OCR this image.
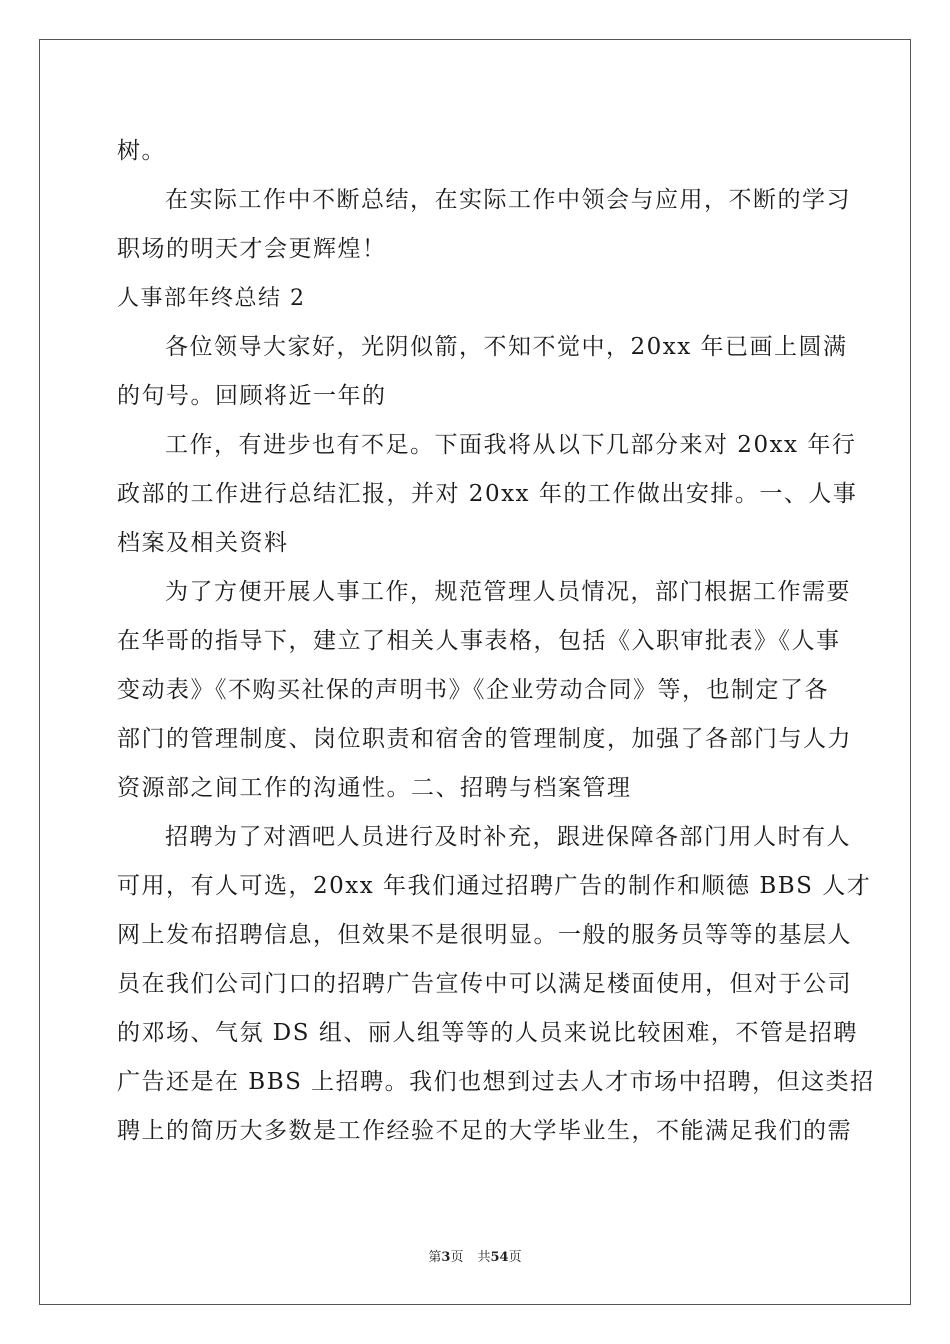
树。
在实际工作中不断总结，在实际工作中领会与应用，不断的学习
职场的明天才会更辉煌！
人事部年终总结 2
各位领导大家好，光阴似箭，不知不觉中，20xx 年已画上圆满
的句号。回顾将近一年的
工作，有进步也有不足。下面我将从以下几部分来对 20xx 年行
政部的工作进行总结汇报，并对 20xx 年的工作做出安排。一、人事
档案及相关资料
为了方便开展人事工作，规范管理人员情况，部门根据工作需要
在华哥的指导下，建立了相关人事表格，包括《入职审批表》《人事
变动表》《不购买社保的声明书》《企业劳动合同》等，也制定了各
部门的管理制度、岗位职责和宿舍的管理制度，加强了各部门与人力
资源部之间工作的沟通性。二、招聘与档案管理
招聘为了对酒吧人员进行及时补充，跟进保障各部门用人时有人
可用，有人可选，20xx 年我们通过招聘广告的制作和顺德 BBS 人才
网上发布招聘信息，但效果不是很明显。一般的服务员等等的基层人
员在我们公司门口的招聘广告宣传中可以满足楼面使用，但对于公司
的邓场、气氛 DS 组、丽人组等等的人员来说比较困难，不管是招聘
广告还是在 BBS 上招聘。我们也想到过去人才市场中招聘，但这类招
聘上的简历大多数是工作经验不足的大学毕业生，不能满足我们的需
第3页 共54页
